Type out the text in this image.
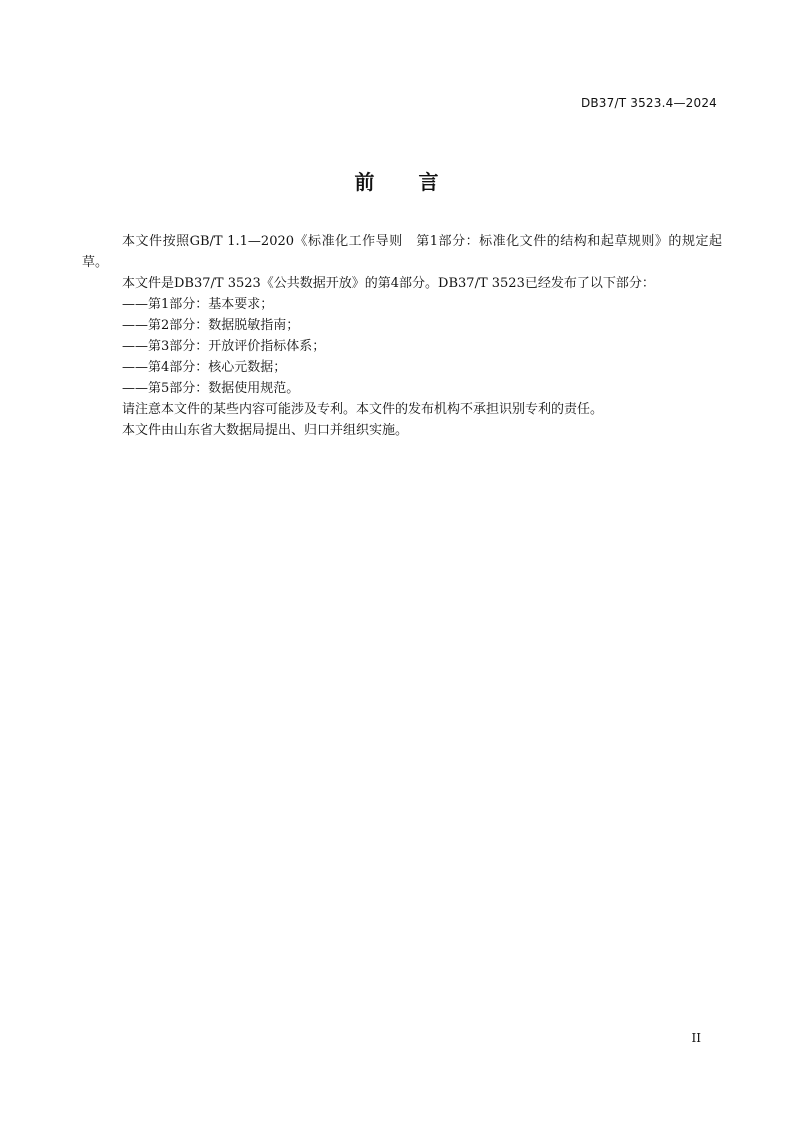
DB37/T 3523.4—2024
前 言

本文件按照GB/T 1.1—2020《标准化工作导则　第1部分：标准化文件的结构和起草规则》的规定起草。

本文件是DB37/T 3523《公共数据开放》的第4部分。DB37/T 3523已经发布了以下部分：

——第1部分：基本要求；

——第2部分：数据脱敏指南；

——第3部分：开放评价指标体系；

——第4部分：核心元数据；

——第5部分：数据使用规范。

请注意本文件的某些内容可能涉及专利。本文件的发布机构不承担识别专利的责任。

本文件由山东省大数据局提出、归口并组织实施。

II
